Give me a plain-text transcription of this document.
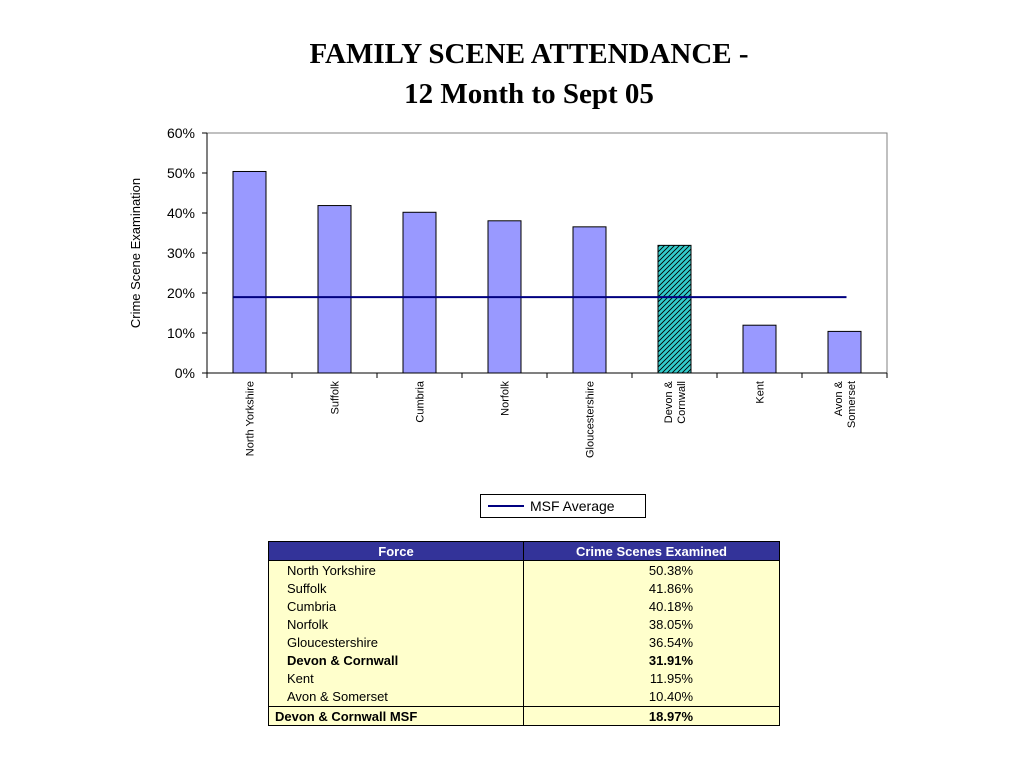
FAMILY SCENE ATTENDANCE -
12 Month to Sept 05
0%
10%
20%
30%
40%
50%
60%
North Yorkshire	Suffolk	Cumbria	Norfolk	Gloucestershire	Devon & Cornwall	Kent	Avon & Somerset
Crime Scene Examination
MSF Average
Force	Crime Scenes Examined
North Yorkshire	50.38%
Suffolk	41.86%
Cumbria	40.18%
Norfolk	38.05%
Gloucestershire	36.54%
Devon & Cornwall	31.91%
Kent	11.95%
Avon & Somerset	10.40%
Devon & Cornwall MSF	18.97%
